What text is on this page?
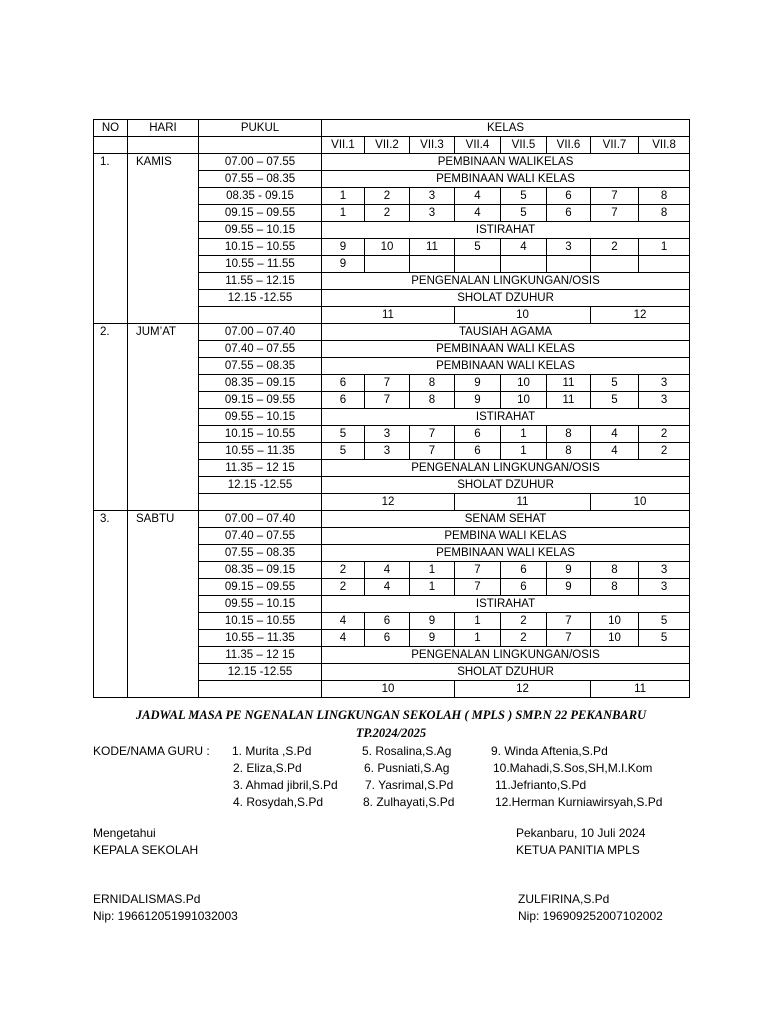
NO	HARI	PUKUL	KELAS							
			VII.1	VII.2	VII.3	VII.4	VII.5	VII.6	VII.7	VII.8
1.	KAMIS	07.00 – 07.55	PEMBINAAN WALIKELAS							
		07.55 – 08.35	PEMBINAAN WALI KELAS							
		08.35 - 09.15	1	2	3	4	5	6	7	8
		09.15 – 09.55	1	2	3	4	5	6	7	8
		09.55 – 10.15	ISTIRAHAT							
		10.15 – 10.55	9	10	11	5	4	3	2	1
		10.55 – 11.55	9							
		11.55 – 12.15	PENGENALAN LINGKUNGAN/OSIS							
		12.15 -12.55	SHOLAT DZUHUR							
			11			10			12	
2.	JUM’AT	07.00 – 07.40	TAUSIAH AGAMA							
		07.40 – 07.55	PEMBINAAN WALI KELAS							
		07.55 – 08.35	PEMBINAAN WALI KELAS							
		08.35 – 09.15	6	7	8	9	10	11	5	3
		09.15 – 09.55	6	7	8	9	10	11	5	3
		09.55 – 10.15	ISTIRAHAT							
		10.15 – 10.55	5	3	7	6	1	8	4	2
		10.55 – 11.35	5	3	7	6	1	8	4	2
		11.35 – 12 15	PENGENALAN LINGKUNGAN/OSIS							
		12.15 -12.55	SHOLAT DZUHUR							
			12			11			10	
3.	SABTU	07.00 – 07.40	SENAM SEHAT							
		07.40 – 07.55	PEMBINA WALI KELAS							
		07.55 – 08.35	PEMBINAAN WALI KELAS							
		08.35 – 09.15	2	4	1	7	6	9	8	3
		09.15 – 09.55	2	4	1	7	6	9	8	3
		09.55 – 10.15	ISTIRAHAT							
		10.15 – 10.55	4	6	9	1	2	7	10	5
		10.55 – 11.35	4	6	9	1	2	7	10	5
		11.35 – 12 15	PENGENALAN LINGKUNGAN/OSIS							
		12.15 -12.55	SHOLAT DZUHUR							
			10			12			11	
JADWAL MASA PE NGENALAN LINGKUNGAN SEKOLAH ( MPLS ) SMP.N 22 PEKANBARU
TP.2024/2025
KODE/NAMA GURU : 1. Murita ,S.Pd
2. Eliza,S.Pd
3. Ahmad jibril,S.Pd
4. Rosydah,S.Pd
5. Rosalina,S.Ag
6. Pusniati,S.Ag
7. Yasrimal,S.Pd
8. Zulhayati,S.Pd
9. Winda Aftenia,S.Pd
10.Mahadi,S.Sos,SH,M.I.Kom
11.Jefrianto,S.Pd
12.Herman Kurniawirsyah,S.Pd
Mengetahui
KEPALA SEKOLAH
ERNIDALISMAS.Pd
Nip: 196612051991032003
Pekanbaru, 10 Juli 2024
KETUA PANITIA MPLS
ZULFIRINA,S.Pd
Nip: 196909252007102002
